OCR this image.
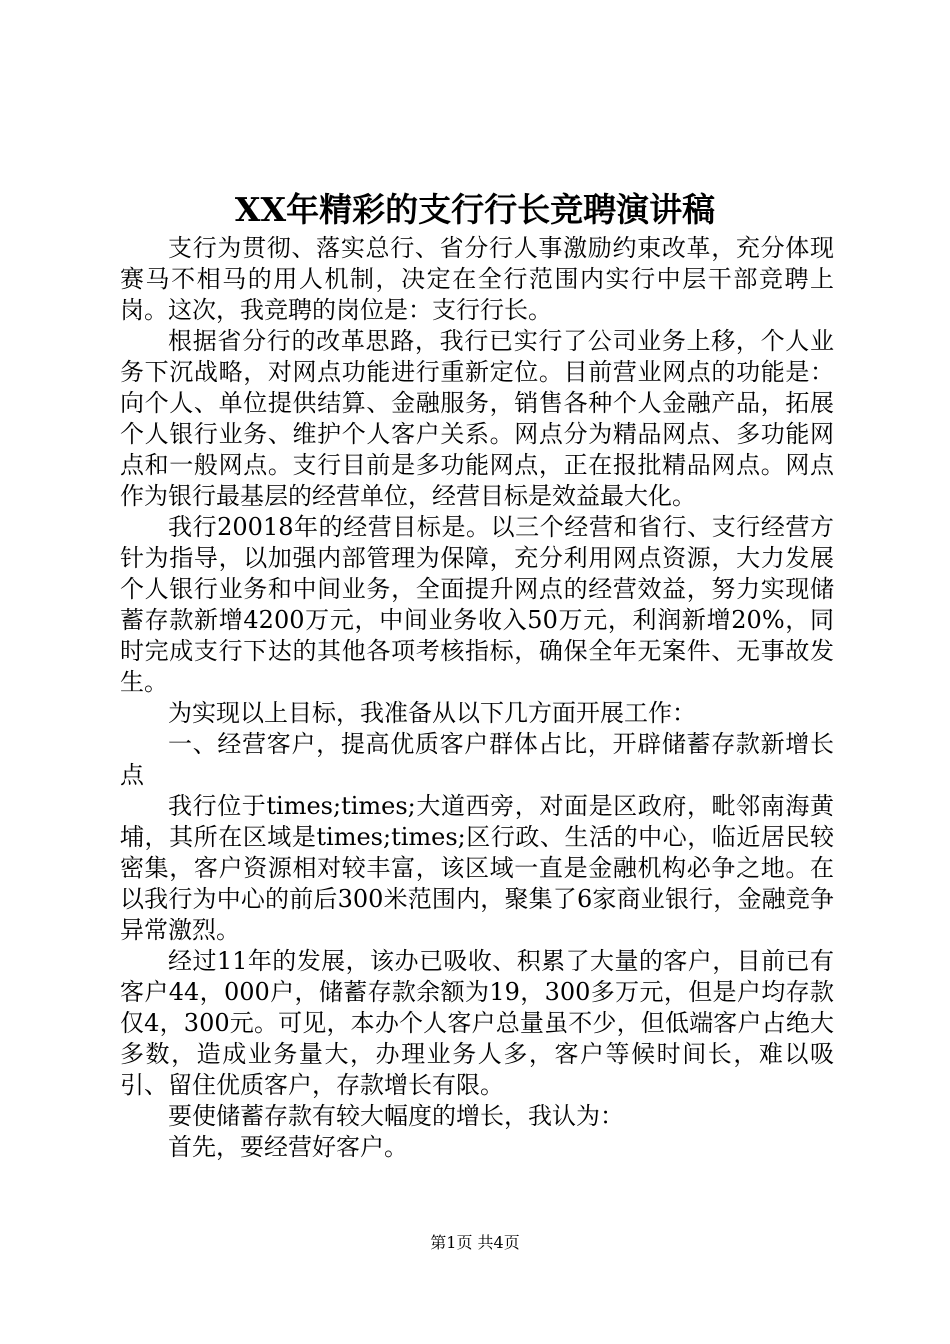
XX年精彩的支行行长竞聘演讲稿

支行为贯彻、落实总行、省分行人事激励约束改革，充分体现赛马不相马的用人机制，决定在全行范围内实行中层干部竞聘上岗。这次，我竞聘的岗位是：支行行长。

根据省分行的改革思路，我行已实行了公司业务上移，个人业务下沉战略，对网点功能进行重新定位。目前营业网点的功能是：向个人、单位提供结算、金融服务，销售各种个人金融产品，拓展个人银行业务、维护个人客户关系。网点分为精品网点、多功能网点和一般网点。支行目前是多功能网点，正在报批精品网点。网点作为银行最基层的经营单位，经营目标是效益最大化。

我行20018年的经营目标是。以三个经营和省行、支行经营方针为指导，以加强内部管理为保障，充分利用网点资源，大力发展个人银行业务和中间业务，全面提升网点的经营效益，努力实现储蓄存款新增4200万元，中间业务收入50万元，利润新增20%，同时完成支行下达的其他各项考核指标，确保全年无案件、无事故发生。

为实现以上目标，我准备从以下几方面开展工作：

一、经营客户，提高优质客户群体占比，开辟储蓄存款新增长点

我行位于times;times;大道西旁，对面是区政府，毗邻南海黄埔，其所在区域是times;times;区行政、生活的中心，临近居民较密集，客户资源相对较丰富，该区域一直是金融机构必争之地。在以我行为中心的前后300米范围内，聚集了6家商业银行，金融竞争异常激烈。

经过11年的发展，该办已吸收、积累了大量的客户，目前已有客户44，000户，储蓄存款余额为19，300多万元，但是户均存款仅4，300元。可见，本办个人客户总量虽不少，但低端客户占绝大多数，造成业务量大，办理业务人多，客户等候时间长，难以吸引、留住优质客户，存款增长有限。

要使储蓄存款有较大幅度的增长，我认为：

首先，要经营好客户。

第1页 共4页
